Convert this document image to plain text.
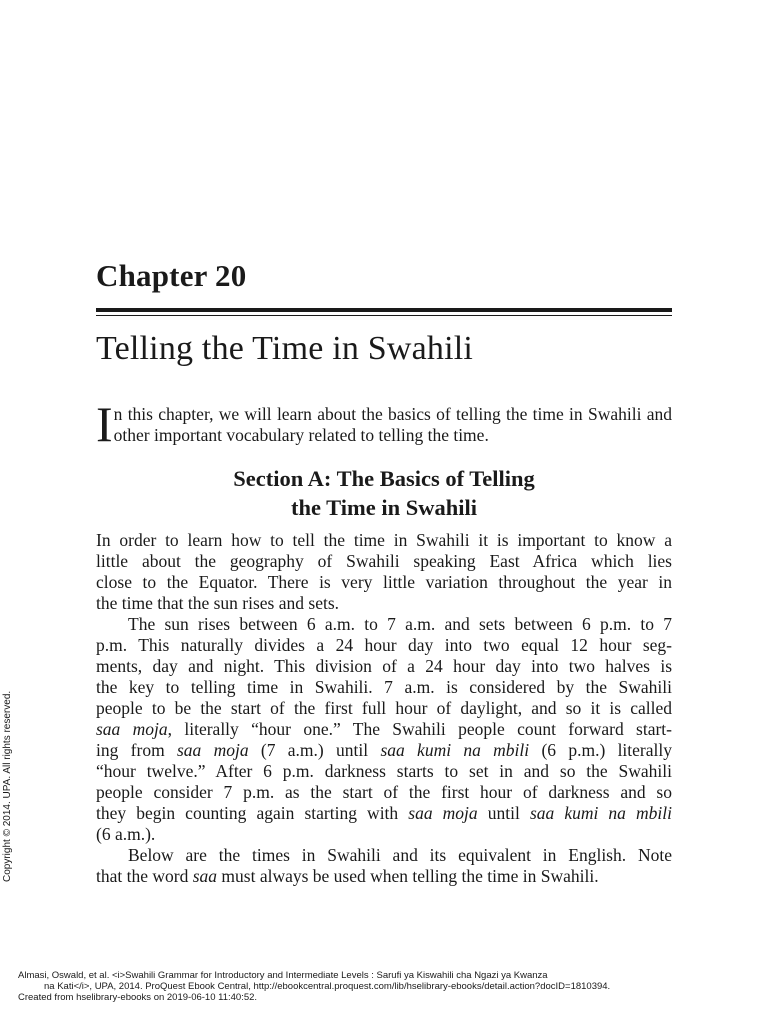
Chapter 20
Telling the Time in Swahili

In this chapter, we will learn about the basics of telling the time in Swahili and other important vocabulary related to telling the time.

Section A: The Basics of Telling
the Time in Swahili
In order to learn how to tell the time in Swahili it is important to know a
little about the geography of Swahili speaking East Africa which lies
close to the Equator. There is very little variation throughout the year in
the time that the sun rises and sets.
The sun rises between 6 a.m. to 7 a.m. and sets between 6 p.m. to 7
p.m. This naturally divides a 24 hour day into two equal 12 hour seg-
ments, day and night. This division of a 24 hour day into two halves is
the key to telling time in Swahili. 7 a.m. is considered by the Swahili
people to be the start of the first full hour of daylight, and so it is called
saa moja, literally “hour one.” The Swahili people count forward start-
ing from saa moja (7 a.m.) until saa kumi na mbili (6 p.m.) literally
“hour twelve.” After 6 p.m. darkness starts to set in and so the Swahili
people consider 7 p.m. as the start of the first hour of darkness and so
they begin counting again starting with saa moja until saa kumi na mbili
(6 a.m.).
Below are the times in Swahili and its equivalent in English. Note
that the word saa must always be used when telling the time in Swahili.
Copyright © 2014. UPA. All rights reserved.
Almasi, Oswald, et al. <i>Swahili Grammar for Introductory and Intermediate Levels : Sarufi ya Kiswahili cha Ngazi ya Kwanza
na Kati</i>, UPA, 2014. ProQuest Ebook Central, http://ebookcentral.proquest.com/lib/hselibrary-ebooks/detail.action?docID=1810394.
Created from hselibrary-ebooks on 2019-06-10 11:40:52.
